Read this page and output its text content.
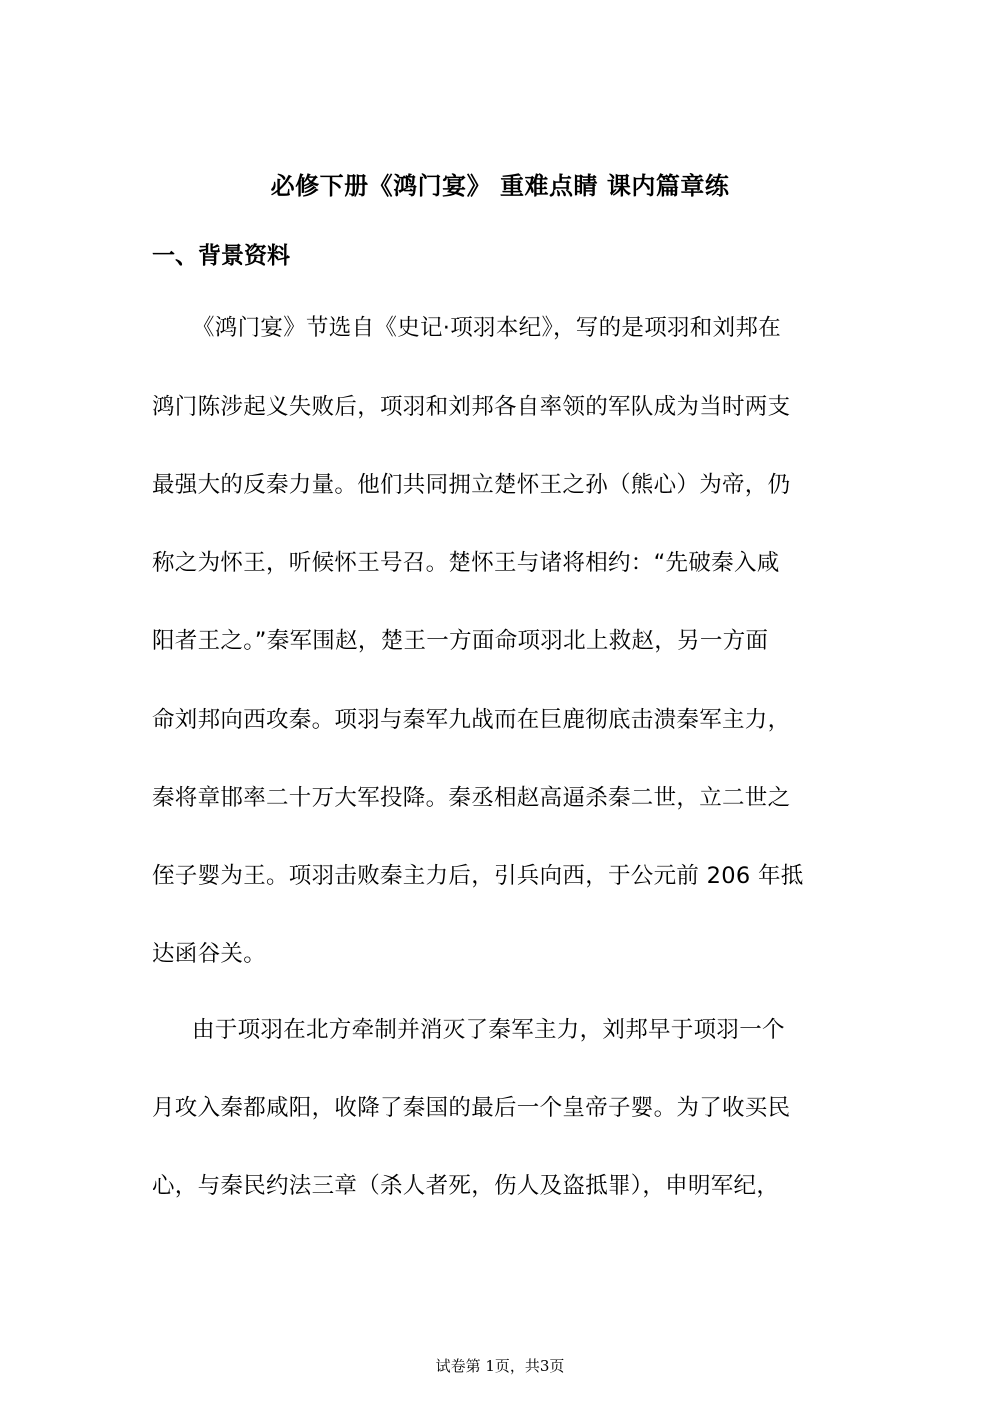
必修下册《鸿门宴》 重难点睛 课内篇章练
一、背景资料
《鸿门宴》节选自《史记·项羽本纪》，写的是项羽和刘邦在
鸿门陈涉起义失败后，项羽和刘邦各自率领的军队成为当时两支
最强大的反秦力量。他们共同拥立楚怀王之孙（熊心）为帝，仍
称之为怀王，听候怀王号召。楚怀王与诸将相约：“先破秦入咸
阳者王之。”秦军围赵，楚王一方面命项羽北上救赵，另一方面
命刘邦向西攻秦。项羽与秦军九战而在巨鹿彻底击溃秦军主力，
秦将章邯率二十万大军投降。秦丞相赵高逼杀秦二世，立二世之
侄子婴为王。项羽击败秦主力后，引兵向西，于公元前 206 年抵
达函谷关。
由于项羽在北方牵制并消灭了秦军主力，刘邦早于项羽一个
月攻入秦都咸阳，收降了秦国的最后一个皇帝子婴。为了收买民
心，与秦民约法三章（杀人者死，伤人及盗抵罪），申明军纪，
试卷第 1页，共3页
